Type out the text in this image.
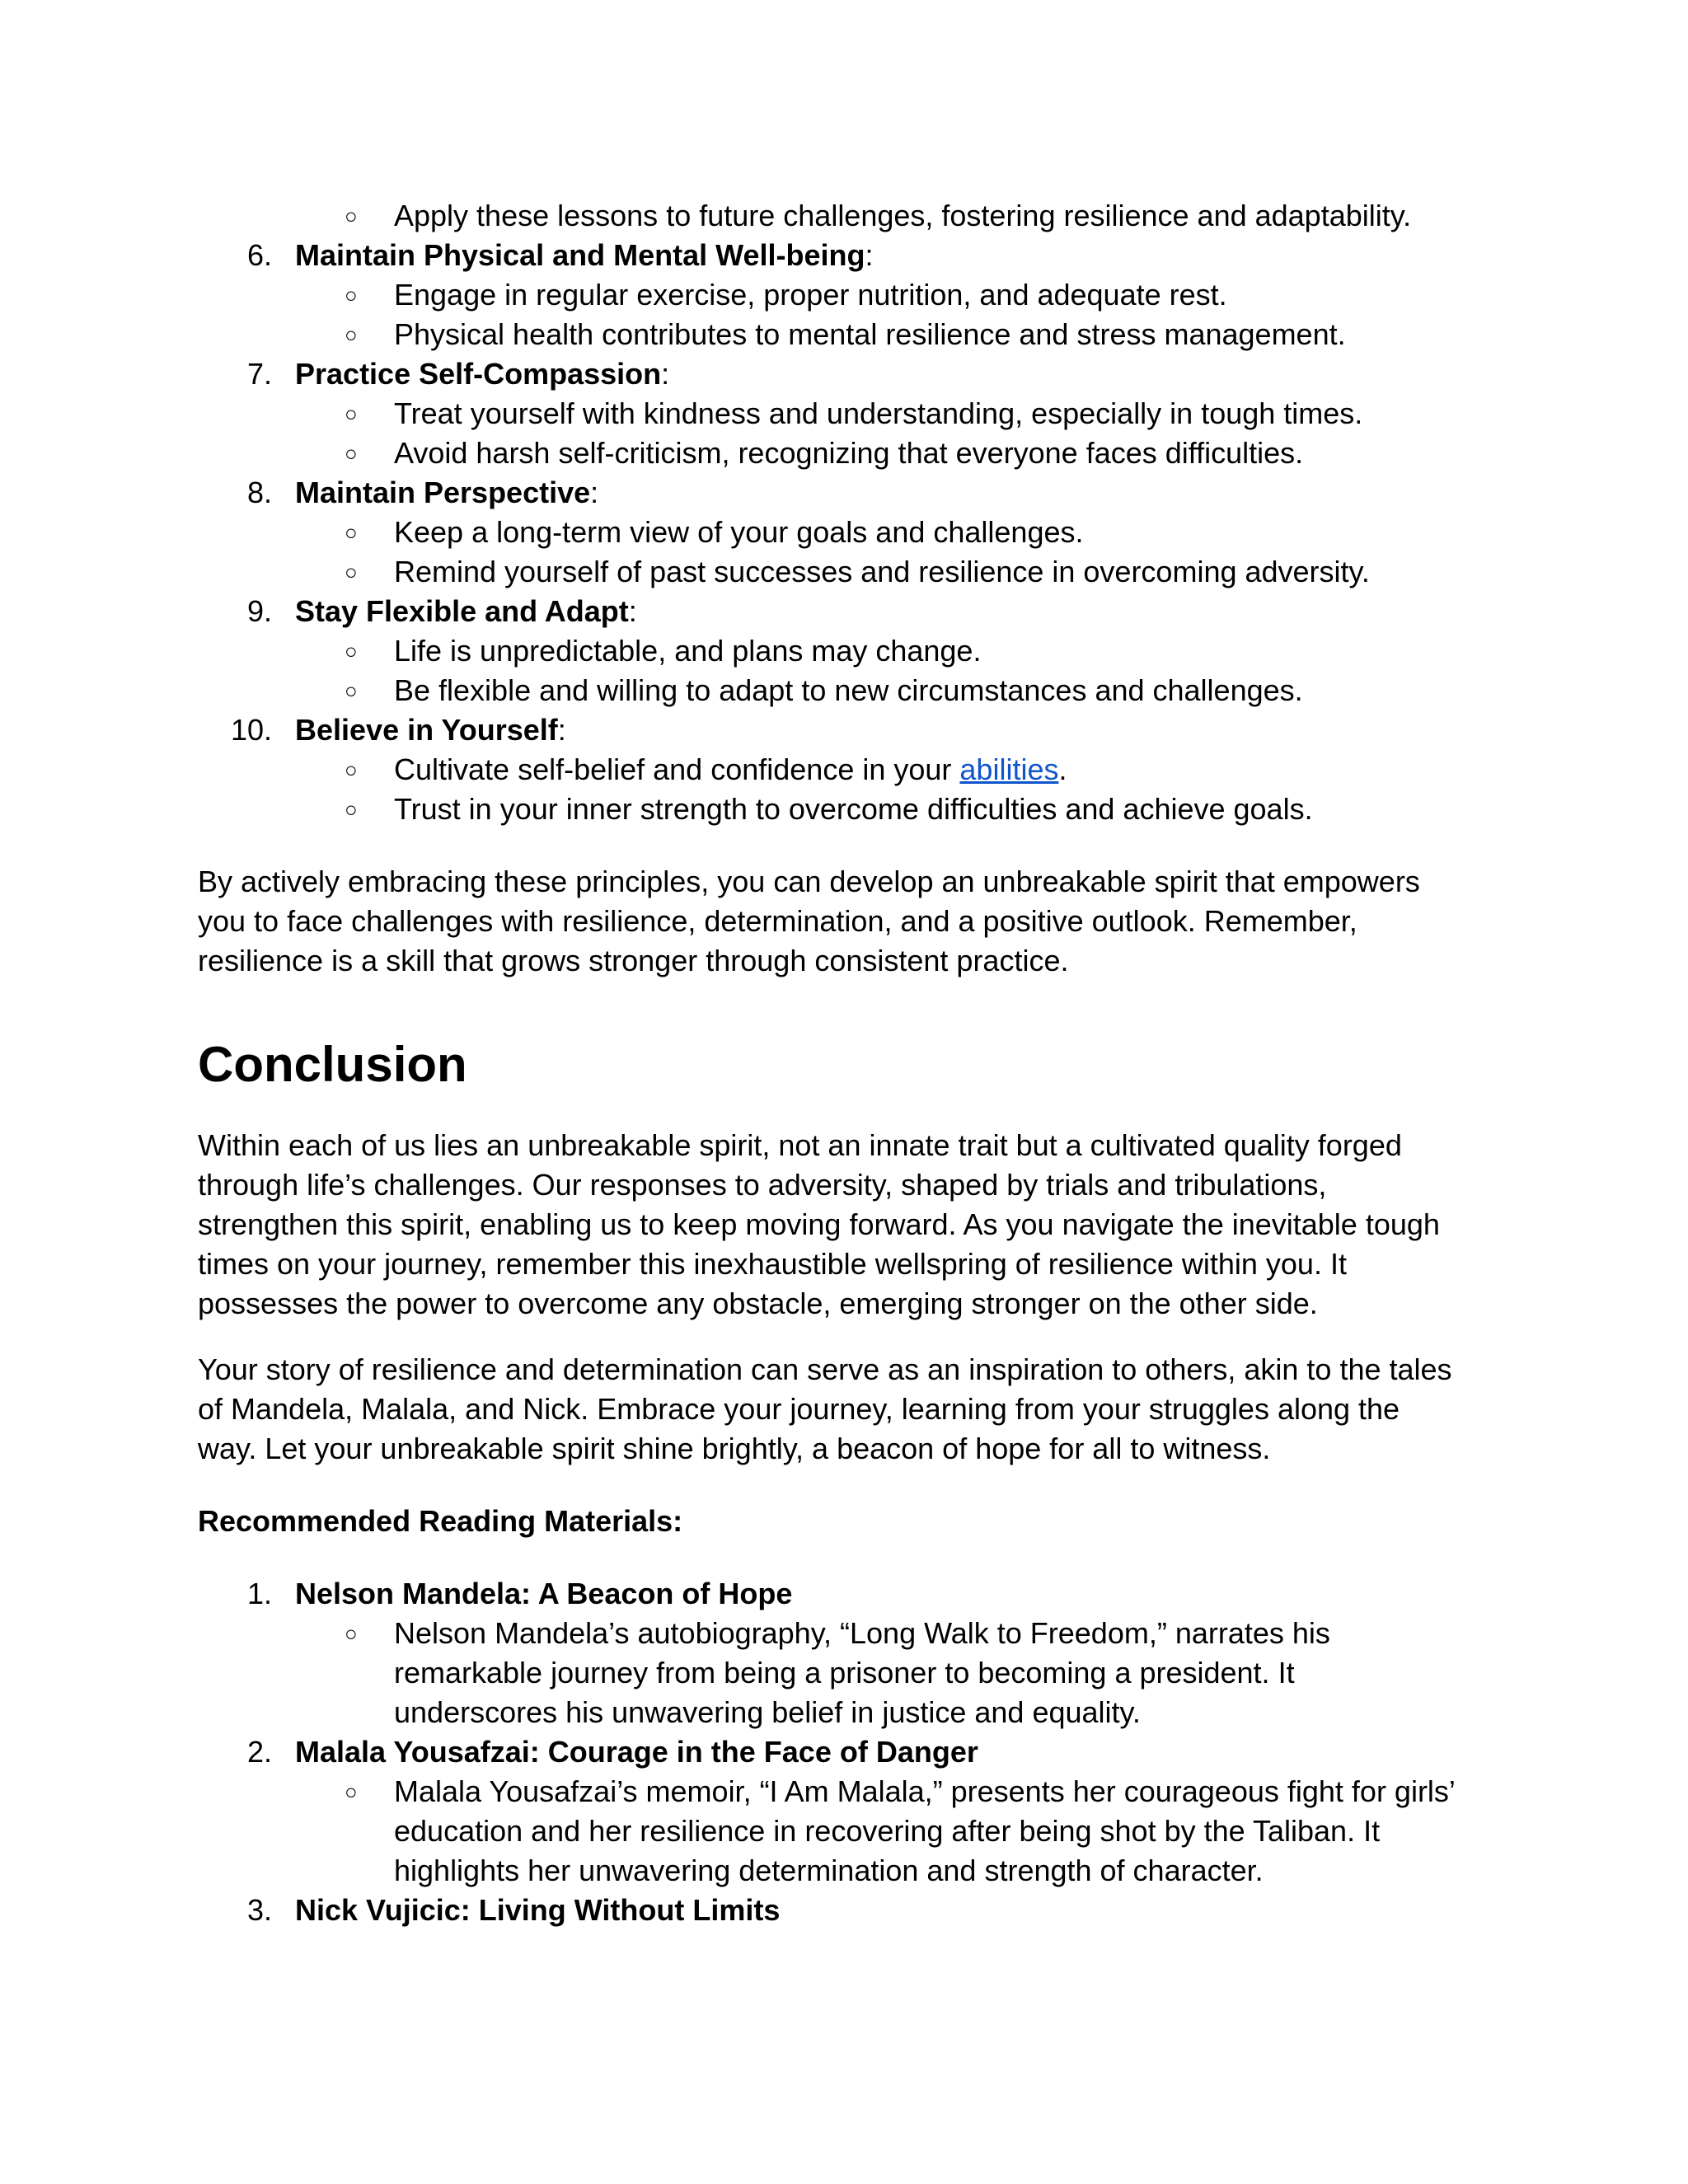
○ Apply these lessons to future challenges, fostering resilience and adaptability.
6. Maintain Physical and Mental Well-being:
○ Engage in regular exercise, proper nutrition, and adequate rest.
○ Physical health contributes to mental resilience and stress management.
7. Practice Self-Compassion:
○ Treat yourself with kindness and understanding, especially in tough times.
○ Avoid harsh self-criticism, recognizing that everyone faces difficulties.
8. Maintain Perspective:
○ Keep a long-term view of your goals and challenges.
○ Remind yourself of past successes and resilience in overcoming adversity.
9. Stay Flexible and Adapt:
○ Life is unpredictable, and plans may change.
○ Be flexible and willing to adapt to new circumstances and challenges.
10. Believe in Yourself:
○ Cultivate self-belief and confidence in your abilities.
○ Trust in your inner strength to overcome difficulties and achieve goals.
By actively embracing these principles, you can develop an unbreakable spirit that empowers
you to face challenges with resilience, determination, and a positive outlook. Remember,
resilience is a skill that grows stronger through consistent practice.
Conclusion
Within each of us lies an unbreakable spirit, not an innate trait but a cultivated quality forged
through life’s challenges. Our responses to adversity, shaped by trials and tribulations,
strengthen this spirit, enabling us to keep moving forward. As you navigate the inevitable tough
times on your journey, remember this inexhaustible wellspring of resilience within you. It
possesses the power to overcome any obstacle, emerging stronger on the other side.
Your story of resilience and determination can serve as an inspiration to others, akin to the tales
of Mandela, Malala, and Nick. Embrace your journey, learning from your struggles along the
way. Let your unbreakable spirit shine brightly, a beacon of hope for all to witness.
Recommended Reading Materials:
1. Nelson Mandela: A Beacon of Hope
○ Nelson Mandela’s autobiography, “Long Walk to Freedom,” narrates his
remarkable journey from being a prisoner to becoming a president. It
underscores his unwavering belief in justice and equality.
2. Malala Yousafzai: Courage in the Face of Danger
○ Malala Yousafzai’s memoir, “I Am Malala,” presents her courageous fight for girls’
education and her resilience in recovering after being shot by the Taliban. It
highlights her unwavering determination and strength of character.
3. Nick Vujicic: Living Without Limits
